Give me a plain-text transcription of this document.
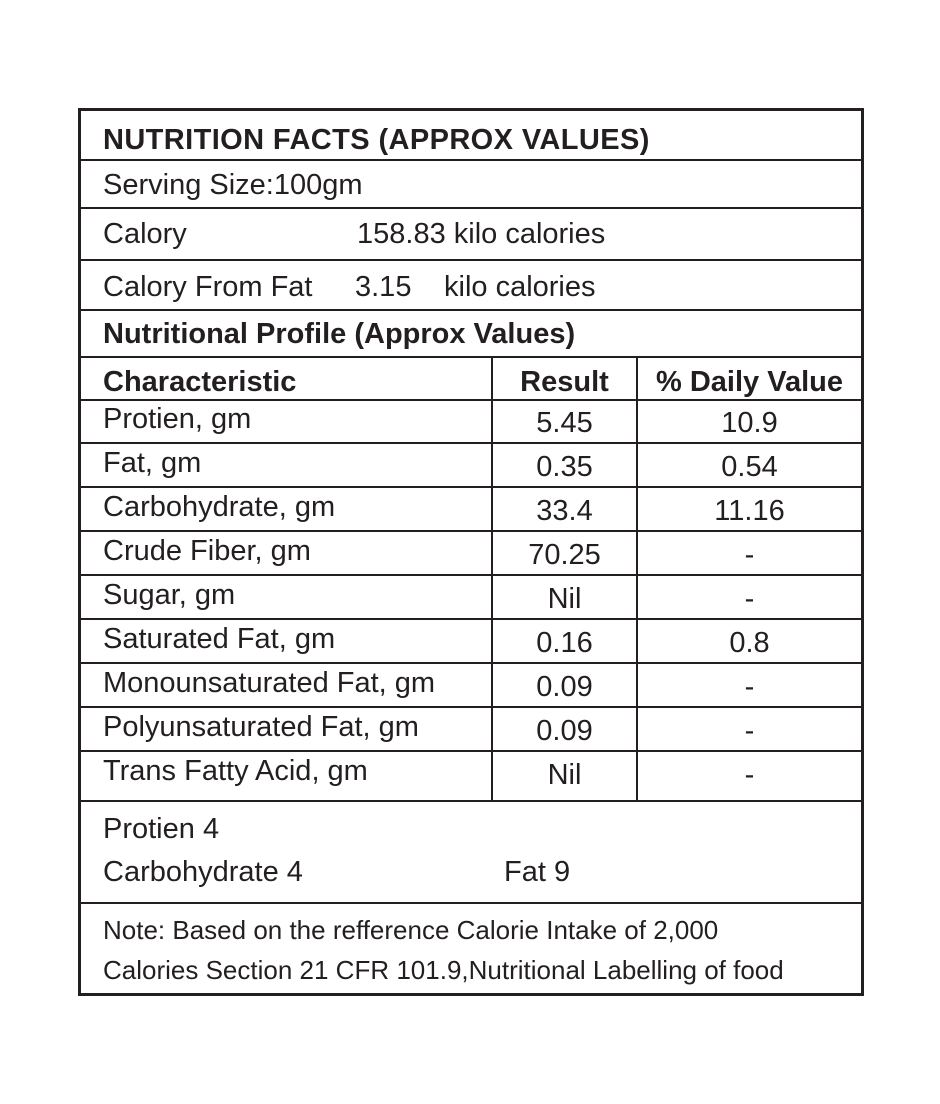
NUTRITION FACTS (APPROX VALUES)
Serving Size:100gm
Calory	158.83 kilo calories
Calory From Fat 3.15 kilo calories
Nutritional Profile (Approx Values)
Characteristic	Result	% Daily Value
Protien, gm	5.45	10.9
Fat, gm	0.35	0.54
Carbohydrate, gm	33.4	11.16
Crude Fiber, gm	70.25	-
Sugar, gm	Nil	-
Saturated Fat, gm	0.16	0.8
Monounsaturated Fat, gm	0.09	-
Polyunsaturated Fat, gm	0.09	-
Trans Fatty Acid, gm	Nil	-
Protien 4
Carbohydrate 4	Fat 9
Note: Based on the refference Calorie Intake of 2,000
Calories Section 21 CFR 101.9,Nutritional Labelling of food
